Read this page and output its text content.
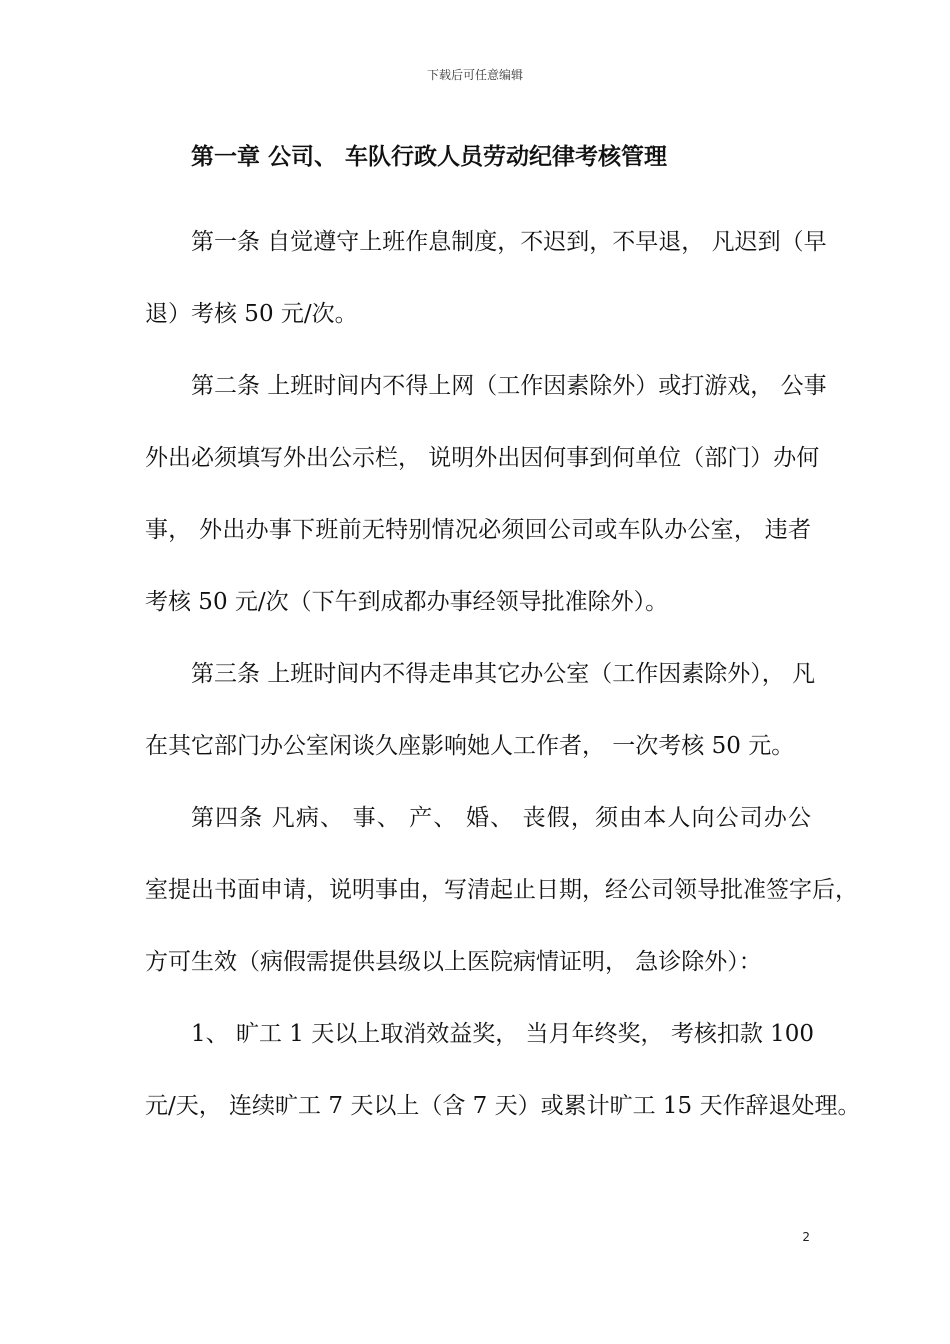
下载后可任意编辑
第一章 公司、 车队行政人员劳动纪律考核管理
第一条 自觉遵守上班作息制度，不迟到，不早退， 凡迟到（早
退）考核 50 元/次。
第二条 上班时间内不得上网（工作因素除外）或打游戏， 公事
外出必须填写外出公示栏， 说明外出因何事到何单位（部门）办何
事， 外出办事下班前无特别情况必须回公司或车队办公室， 违者
考核 50 元/次（下午到成都办事经领导批准除外）。
第三条 上班时间内不得走串其它办公室（工作因素除外）， 凡
在其它部门办公室闲谈久座影响她人工作者， 一次考核 50 元。
第四条 凡病、 事、 产、 婚、 丧假，须由本人向公司办公
室提出书面申请，说明事由，写清起止日期，经公司领导批准签字后，
方可生效（病假需提供县级以上医院病情证明， 急诊除外）：
1、 旷工 1 天以上取消效益奖， 当月年终奖， 考核扣款 100
元/天， 连续旷工 7 天以上（含 7 天）或累计旷工 15 天作辞退处理。
2
